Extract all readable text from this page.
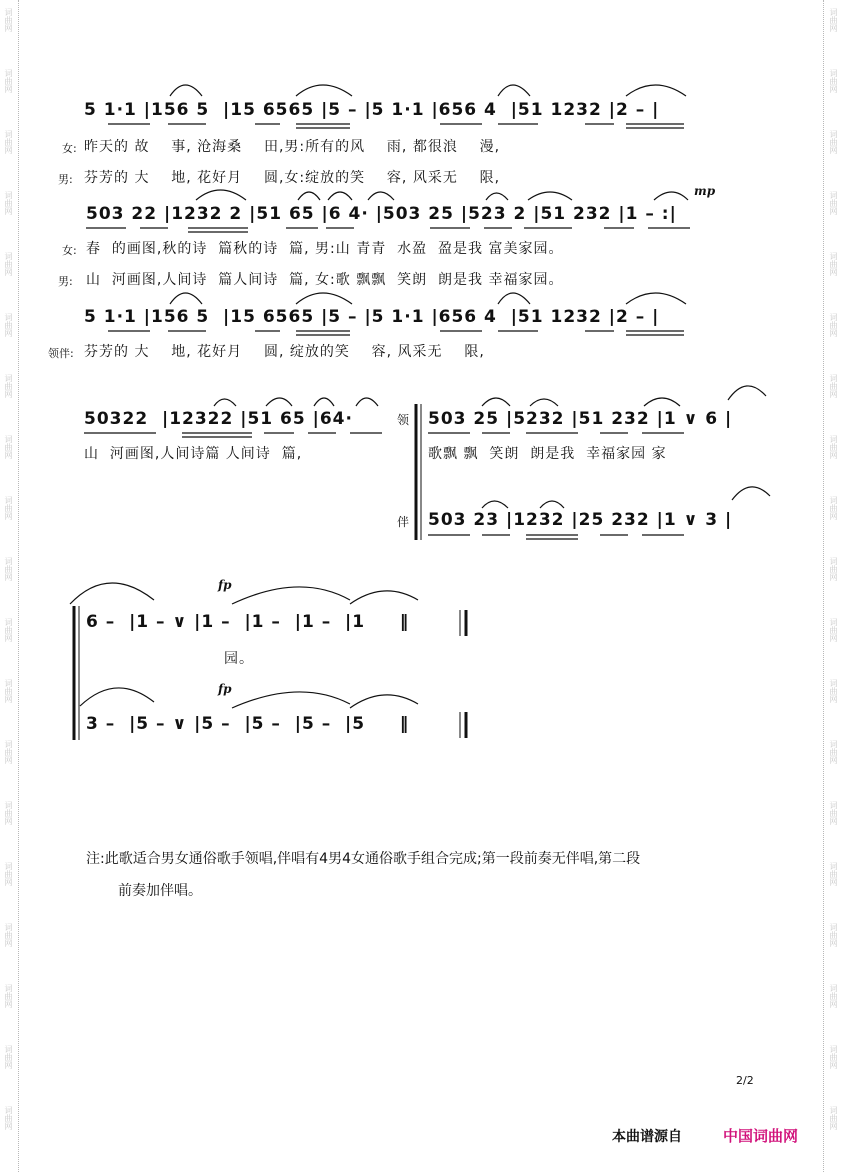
词曲网
词曲网
词曲网
词曲网
词曲网
词曲网
词曲网
词曲网
词曲网
词曲网
词曲网
词曲网
词曲网
词曲网
词曲网
词曲网
词曲网
词曲网
词曲网
词曲网
词曲网
词曲网
词曲网
词曲网
词曲网
词曲网
词曲网
词曲网
词曲网
词曲网
词曲网
词曲网
词曲网
词曲网
词曲网
词曲网
词曲网
词曲网
5 1·1 |156 5  |15 6565 |5 – |5 1·1 |656 4  |51 1232 |2 – |
女: 昨天的 故    事, 沧海桑    田,男:所有的风    雨, 都很浪    漫,
男: 芬芳的 大    地, 花好月    圆,女:绽放的笑    容, 风采无    限,
mp
503 22 |1232 2 |51 65 |6 4· |503 25 |523 2 |51 232 |1 – :|
女: 春  的画图,秋的诗  篇秋的诗  篇, 男:山 青青  水盈  盈是我 富美家园。
男: 山  河画图,人间诗  篇人间诗  篇, 女:歌 飘飘  笑朗  朗是我 幸福家园。
5 1·1 |156 5  |15 6565 |5 – |5 1·1 |656 4  |51 1232 |2 – |
领伴: 芬芳的 大    地, 花好月    圆, 绽放的笑    容, 风采无    限,
50322  |12322 |51 65 |64·
山  河画图,人间诗篇 人间诗  篇,
领 503 25 |5232 |51 232 |1 ∨ 6 |
歌飘 飘  笑朗  朗是我  幸福家园 家
伴 503 23 |1232 |25 232 |1 ∨ 3 |
fp
6 –  |1 – ∨ |1 –  |1 –  |1 –  |1     ‖
园。
fp
3 –  |5 – ∨ |5 –  |5 –  |5 –  |5     ‖
注:此歌适合男女通俗歌手领唱,伴唱有4男4女通俗歌手组合完成;第一段前奏无伴唱,第二段
前奏加伴唱。
2/2
本曲谱源自	中国词曲网
